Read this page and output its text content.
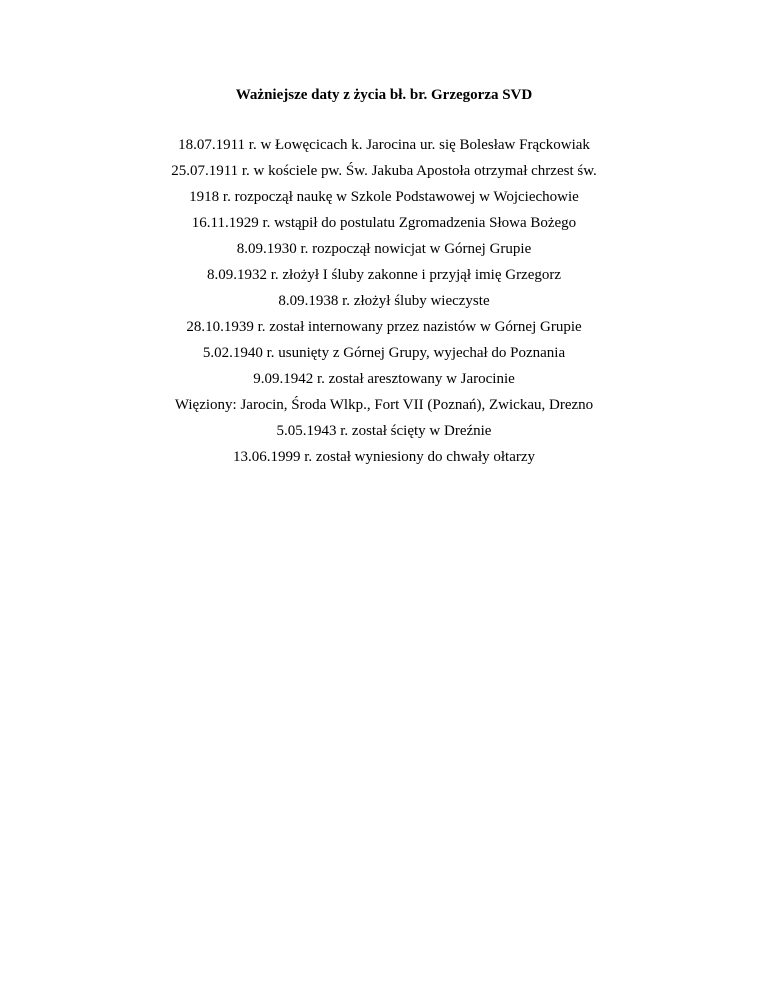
Ważniejsze daty z życia bł. br. Grzegorza SVD
18.07.1911 r. w Łowęcicach k. Jarocina ur. się Bolesław Frąckowiak
25.07.1911 r. w kościele pw. Św. Jakuba Apostoła otrzymał chrzest św.
1918 r. rozpoczął naukę w Szkole Podstawowej w Wojciechowie
16.11.1929 r. wstąpił do postulatu Zgromadzenia Słowa Bożego
8.09.1930 r. rozpoczął nowicjat w Górnej Grupie
8.09.1932 r. złożył I śluby zakonne i przyjął imię Grzegorz
8.09.1938 r. złożył śluby wieczyste
28.10.1939 r. został internowany przez nazistów w Górnej Grupie
5.02.1940 r. usunięty z Górnej Grupy, wyjechał do Poznania
9.09.1942 r. został aresztowany w Jarocinie
Więziony: Jarocin, Środa Wlkp., Fort VII (Poznań), Zwickau, Drezno
5.05.1943 r. został ścięty w Dreźnie
13.06.1999 r. został wyniesiony do chwały ołtarzy
